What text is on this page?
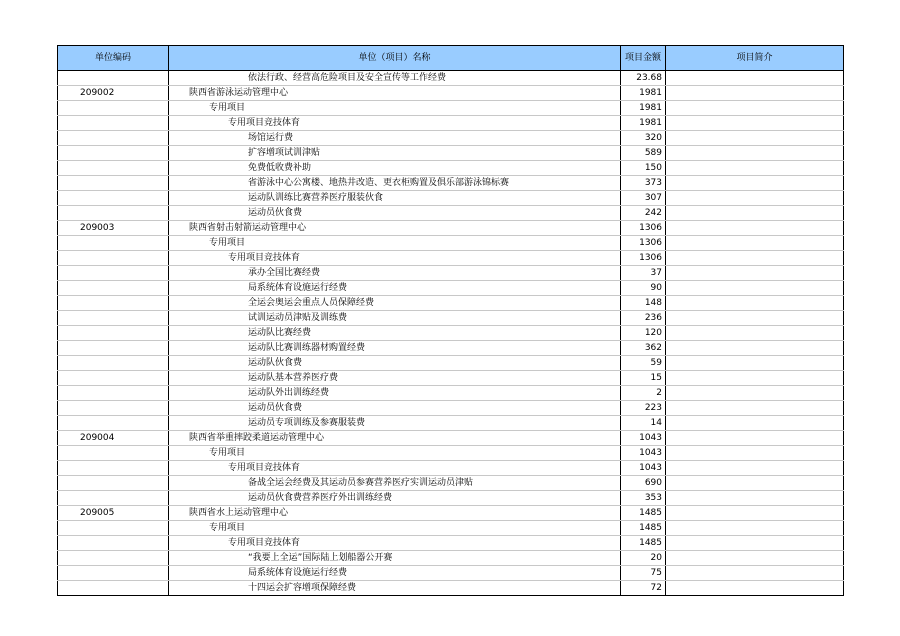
单位编码	单位（项目）名称	项目金额	项目简介
	依法行政、经营高危险项目及安全宣传等工作经费	23.68	
209002	陕西省游泳运动管理中心	1981	
	专用项目	1981	
	专用项目竞技体育	1981	
	场馆运行费	320	
	扩容增项试训津贴	589	
	免费低收费补助	150	
	省游泳中心公寓楼、地热井改造、更衣柜购置及俱乐部游泳锦标赛	373	
	运动队训练比赛营养医疗服装伙食	307	
	运动员伙食费	242	
209003	陕西省射击射箭运动管理中心	1306	
	专用项目	1306	
	专用项目竞技体育	1306	
	承办全国比赛经费	37	
	局系统体育设施运行经费	90	
	全运会奥运会重点人员保障经费	148	
	试训运动员津贴及训练费	236	
	运动队比赛经费	120	
	运动队比赛训练器材购置经费	362	
	运动队伙食费	59	
	运动队基本营养医疗费	15	
	运动队外出训练经费	2	
	运动员伙食费	223	
	运动员专项训练及参赛服装费	14	
209004	陕西省举重摔跤柔道运动管理中心	1043	
	专用项目	1043	
	专用项目竞技体育	1043	
	备战全运会经费及其运动员参赛营养医疗实训运动员津贴	690	
	运动员伙食费营养医疗外出训练经费	353	
209005	陕西省水上运动管理中心	1485	
	专用项目	1485	
	专用项目竞技体育	1485	
	“我要上全运”国际陆上划船器公开赛	20	
	局系统体育设施运行经费	75	
	十四运会扩容增项保障经费	72	
